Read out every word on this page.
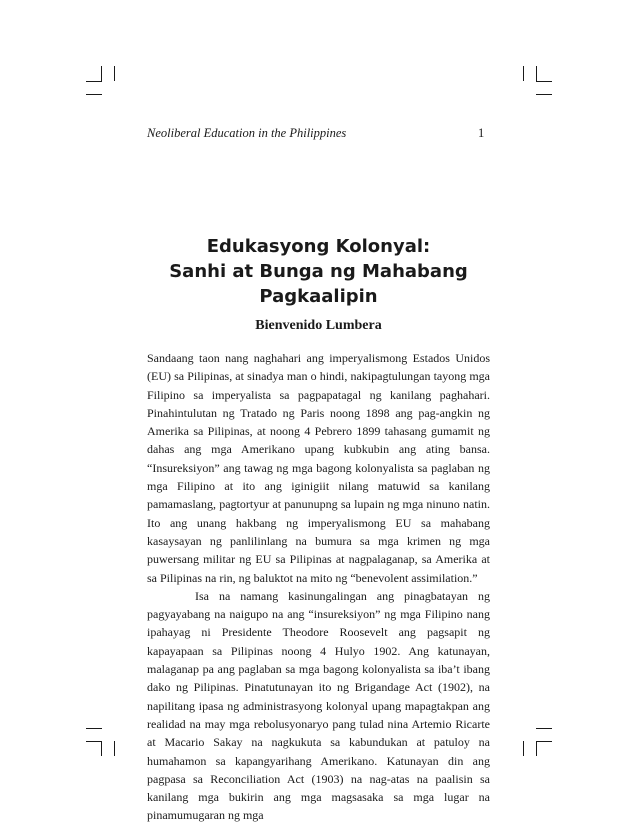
Neoliberal Education in the Philippines	1
Edukasyong Kolonyal:
Sanhi at Bunga ng Mahabang
Pagkaalipin
Bienvenido Lumbera

Sandaang taon nang naghahari ang imperyalismong Estados Unidos (EU) sa Pilipinas, at sinadya man o hindi, nakipagtulungan tayong mga Filipino sa imperyalista sa pagpapatagal ng kanilang paghahari. Pinahintulutan ng Tratado ng Paris noong 1898 ang pag-angkin ng Amerika sa Pilipinas, at noong 4 Pebrero 1899 tahasang gumamit ng dahas ang mga Amerikano upang kubkubin ang ating bansa. “Insureksiyon” ang tawag ng mga bagong kolonyalista sa paglaban ng mga Filipino at ito ang iginigiit nilang matuwid sa kanilang pamamaslang, pagtortyur at panunupng sa lupain ng mga ninuno natin. Ito ang unang hakbang ng imperyalismong EU sa mahabang kasaysayan ng panlilinlang na bumura sa mga krimen ng mga puwersang militar ng EU sa Pilipinas at nagpalaganap, sa Amerika at sa Pilipinas na rin, ng baluktot na mito ng “benevolent assimilation.”

Isa na namang kasinungalingan ang pinagbatayan ng pagyayabang na naigupo na ang “insureksiyon” ng mga Filipino nang ipahayag ni Presidente Theodore Roosevelt ang pagsapit ng kapayapaan sa Pilipinas noong 4 Hulyo 1902. Ang katunayan, malaganap pa ang paglaban sa mga bagong kolonyalista sa iba’t ibang dako ng Pilipinas. Pinatutunayan ito ng Brigandage Act (1902), na napilitang ipasa ng administrasyong kolonyal upang mapagtakpan ang realidad na may mga rebolusyonaryo pang tulad nina Artemio Ricarte at Macario Sakay na nagkukuta sa kabundukan at patuloy na humahamon sa kapangyarihang Amerikano. Katunayan din ang pagpasa sa Reconciliation Act (1903) na nag-atas na paalisin sa kanilang mga bukirin ang mga magsasaka sa mga lugar na pinamumugaran ng mga
